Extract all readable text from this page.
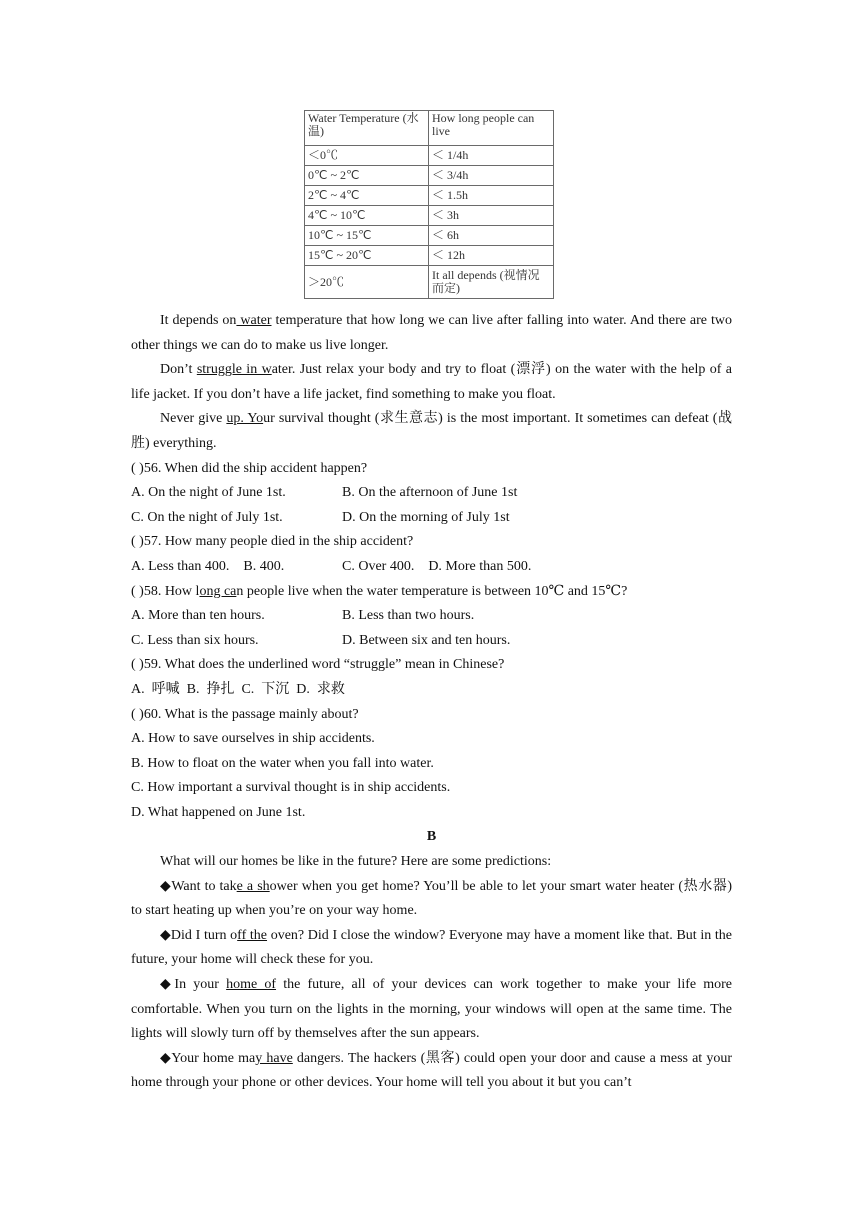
Water Temperature (水温)	How long people can live
＜0℃	＜ 1/4h
0℃ ~ 2℃	＜ 3/4h
2℃ ~ 4℃	＜ 1.5h
4℃ ~ 10℃	＜ 3h
10℃ ~ 15℃	＜ 6h
15℃ ~ 20℃	＜ 12h
＞20℃	It all depends (视情况而定)

It depends on water temperature that how long we can live after falling into water. And there are two other things we can do to make us live longer.

Don’t struggle in water. Just relax your body and try to float (漂浮) on the water with the help of a life jacket. If you don’t have a life jacket, find something to make you float.

Never give up. Your survival thought (求生意志) is the most important. It sometimes can defeat (战胜) everything.

( )56. When did the ship accident happen?

A. On the night of June 1st.	B. On the afternoon of June 1st
C. On the night of July 1st.	D. On the morning of July 1st

( )57. How many people died in the ship accident?

A. Less than 400.    B. 400.	C. Over 400.    D. More than 500.

( )58. How long can people live when the water temperature is between 10℃ and 15℃?

A. More than ten hours.	B. Less than two hours.
C. Less than six hours.	D. Between six and ten hours.

( )59. What does the underlined word “struggle” mean in Chinese?

A.  呼喊  B.  挣扎  C.  下沉  D.  求救

( )60. What is the passage mainly about?

A. How to save ourselves in ship accidents.

B. How to float on the water when you fall into water.

C. How important a survival thought is in ship accidents.

D. What happened on June 1st.

B

What will our homes be like in the future? Here are some predictions:

◆Want to take a shower when you get home? You’ll be able to let your smart water heater (热水器) to start heating up when you’re on your way home.

◆Did I turn off the oven? Did I close the window? Everyone may have a moment like that. But in the future, your home will check these for you.

◆In your home of the future, all of your devices can work together to make your life more comfortable. When you turn on the lights in the morning, your windows will open at the same time. The lights will slowly turn off by themselves after the sun appears.

◆Your home may have dangers. The hackers (黑客) could open your door and cause a mess at your home through your phone or other devices. Your home will tell you about it but you can’t
